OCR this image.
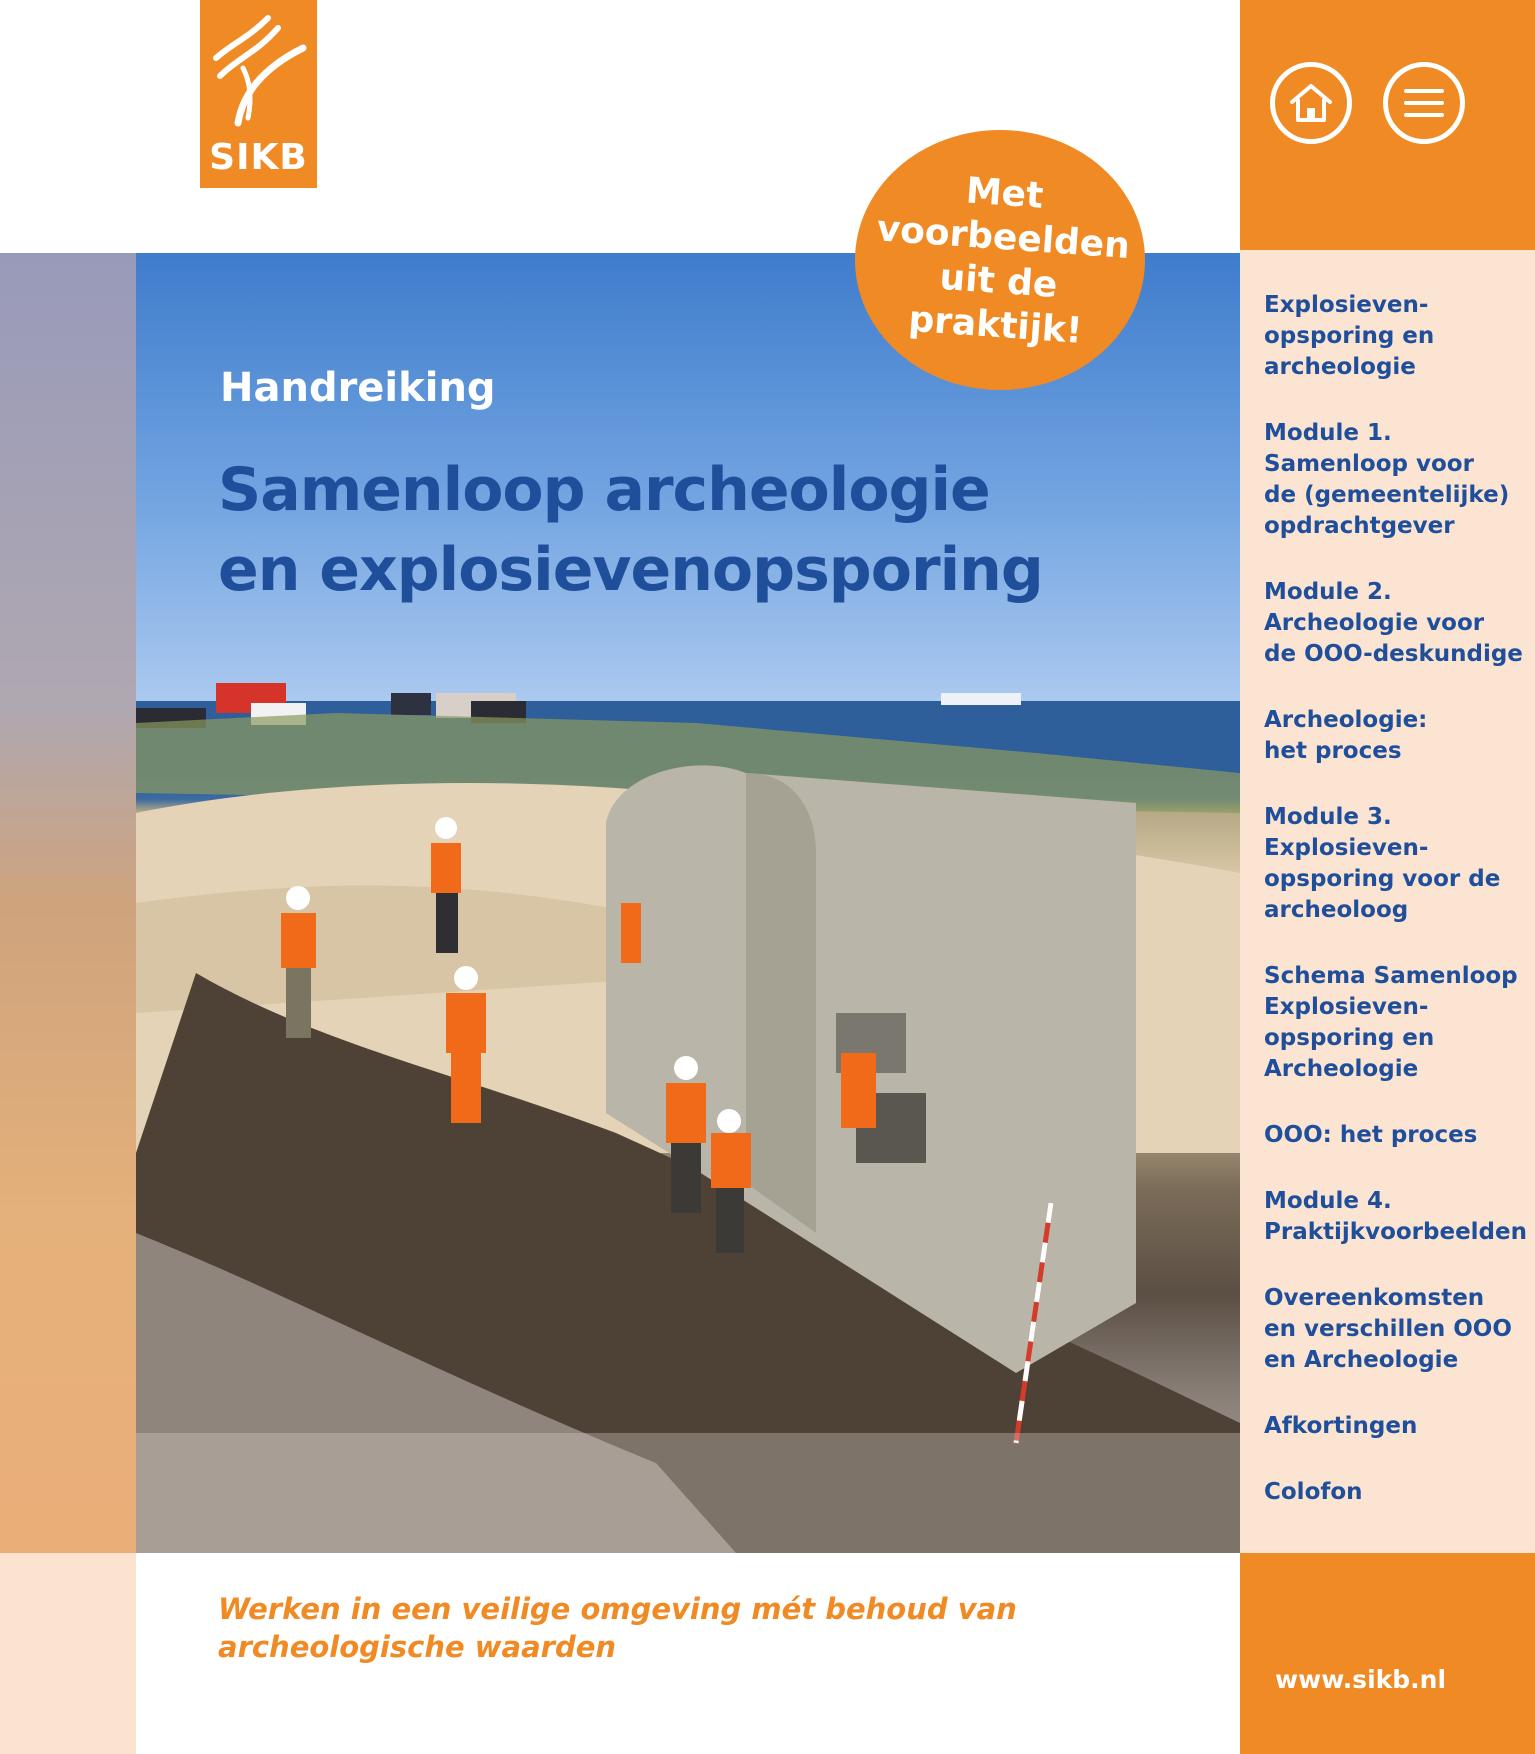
SIKB
Handreiking
Samenloop archeologie
en explosievenopsporing
Met
voorbeelden
uit de
praktijk!
Werken in een veilige omgeving mét behoud van
archeologische waarden
Explosieven-
opsporing en
archeologie
Module 1.
Samenloop voor
de (gemeentelijke)
opdrachtgever
Module 2.
Archeologie voor
de OOO-deskundige
Archeologie:
het proces
Module 3.
Explosieven-
opsporing voor de
archeoloog
Schema Samenloop
Explosieven-
opsporing en
Archeologie
OOO: het proces
Module 4.
Praktijkvoorbeelden
Overeenkomsten
en verschillen OOO
en Archeologie
Afkortingen
Colofon
www.sikb.nl
